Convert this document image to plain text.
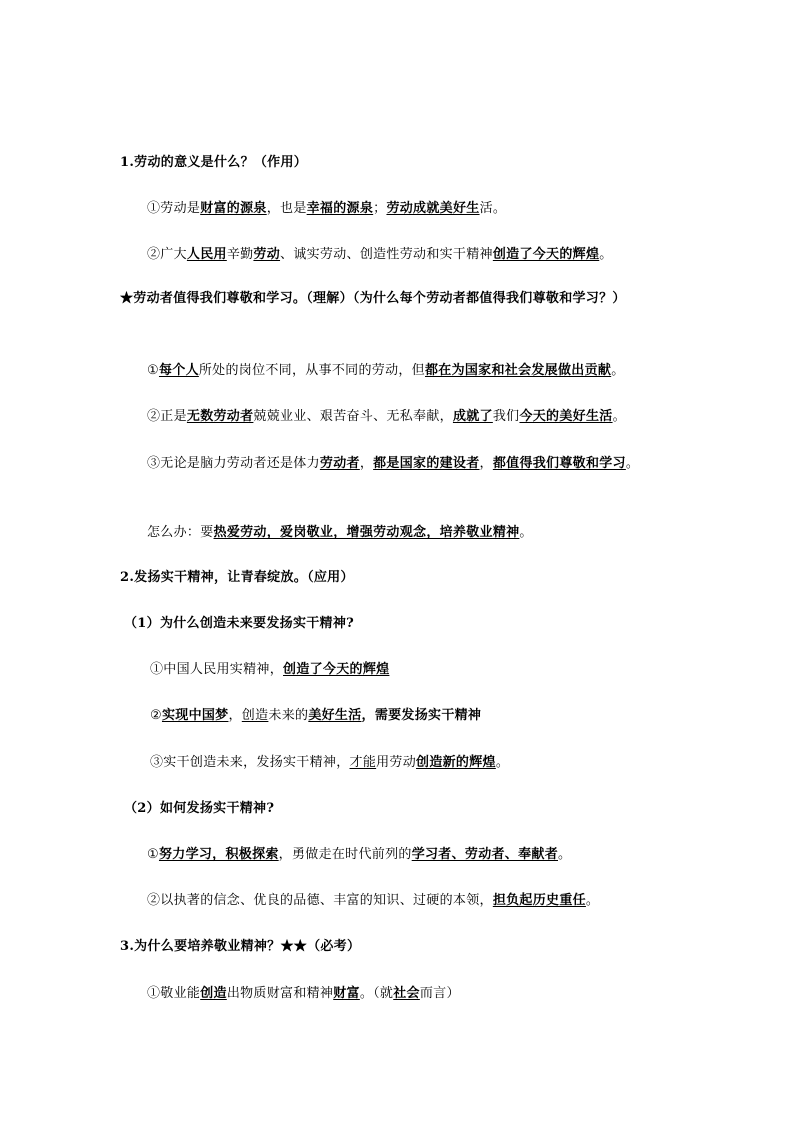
1.劳动的意义是什么？（作用）
①劳动是财富的源泉，也是幸福的源泉；劳动成就美好生活。
②广大人民用辛勤劳动、诚实劳动、创造性劳动和实干精神创造了今天的辉煌。
★劳动者值得我们尊敬和学习。（理解）（为什么每个劳动者都值得我们尊敬和学习？）
①每个人所处的岗位不同，从事不同的劳动，但都在为国家和社会发展做出贡献。
②正是无数劳动者兢兢业业、艰苦奋斗、无私奉献，成就了我们今天的美好生活。
③无论是脑力劳动者还是体力劳动者，都是国家的建设者，都值得我们尊敬和学习。
怎么办：要热爱劳动，爱岗敬业，增强劳动观念，培养敬业精神。
2.发扬实干精神，让青春绽放。（应用）
（1）为什么创造未来要发扬实干精神?
①中国人民用实精神，创造了今天的辉煌
②实现中国梦，创造未来的美好生活，需要发扬实干精神
③实干创造未来，发扬实干精神，才能用劳动创造新的辉煌。
（2）如何发扬实干精神?
①努力学习，积极探索，勇做走在时代前列的学习者、劳动者、奉献者。
②以执著的信念、优良的品德、丰富的知识、过硬的本领，担负起历史重任。
3.为什么要培养敬业精神？★★（必考）
①敬业能创造出物质财富和精神财富。（就社会而言）
